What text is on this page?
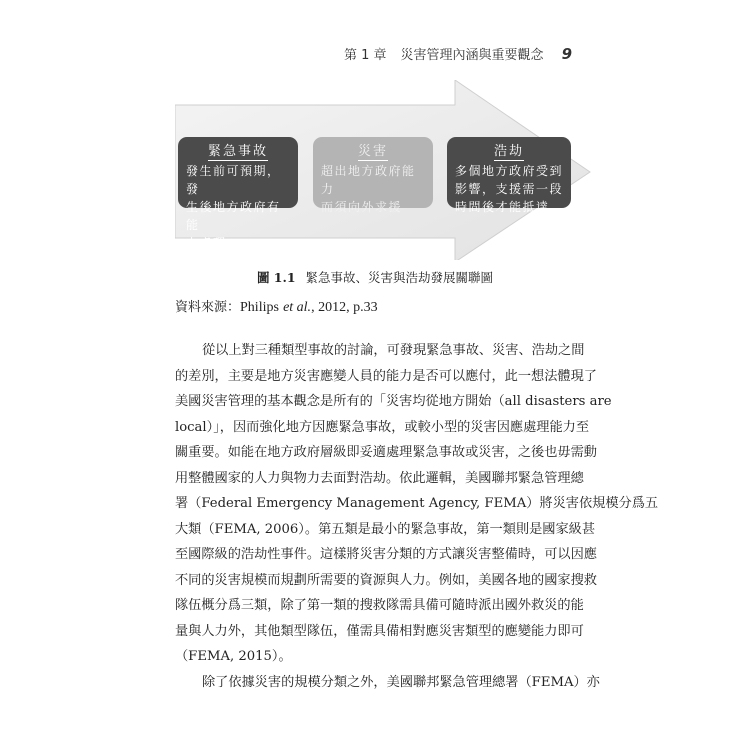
第 1 章 災害管理內涵與重要觀念 9
緊急事故
發生前可預期，發
生後地方政府有能
力處理
災害
超出地方政府能力
而須向外求援
浩劫
多個地方政府受到
影響，支援需一段
時間後才能抵達
圖 1.1 緊急事故、災害與浩劫發展關聯圖
資料來源：Philips et al., 2012, p.33
從以上對三種類型事故的討論，可發現緊急事故、災害、浩劫之間
的差別，主要是地方災害應變人員的能力是否可以應付，此一想法體現了
美國災害管理的基本觀念是所有的「災害均從地方開始（all disasters are
local）」，因而強化地方因應緊急事故，或較小型的災害因應處理能力至
關重要。如能在地方政府層級即妥適處理緊急事故或災害，之後也毋需動
用整體國家的人力與物力去面對浩劫。依此邏輯，美國聯邦緊急管理總
署（Federal Emergency Management Agency, FEMA）將災害依規模分爲五
大類（FEMA, 2006）。第五類是最小的緊急事故，第一類則是國家級甚
至國際級的浩劫性事件。這樣將災害分類的方式讓災害整備時，可以因應
不同的災害規模而規劃所需要的資源與人力。例如，美國各地的國家搜救
隊伍概分爲三類，除了第一類的搜救隊需具備可隨時派出國外救災的能
量與人力外，其他類型隊伍，僅需具備相對應災害類型的應變能力即可
（FEMA, 2015）。
除了依據災害的規模分類之外，美國聯邦緊急管理總署（FEMA）亦
